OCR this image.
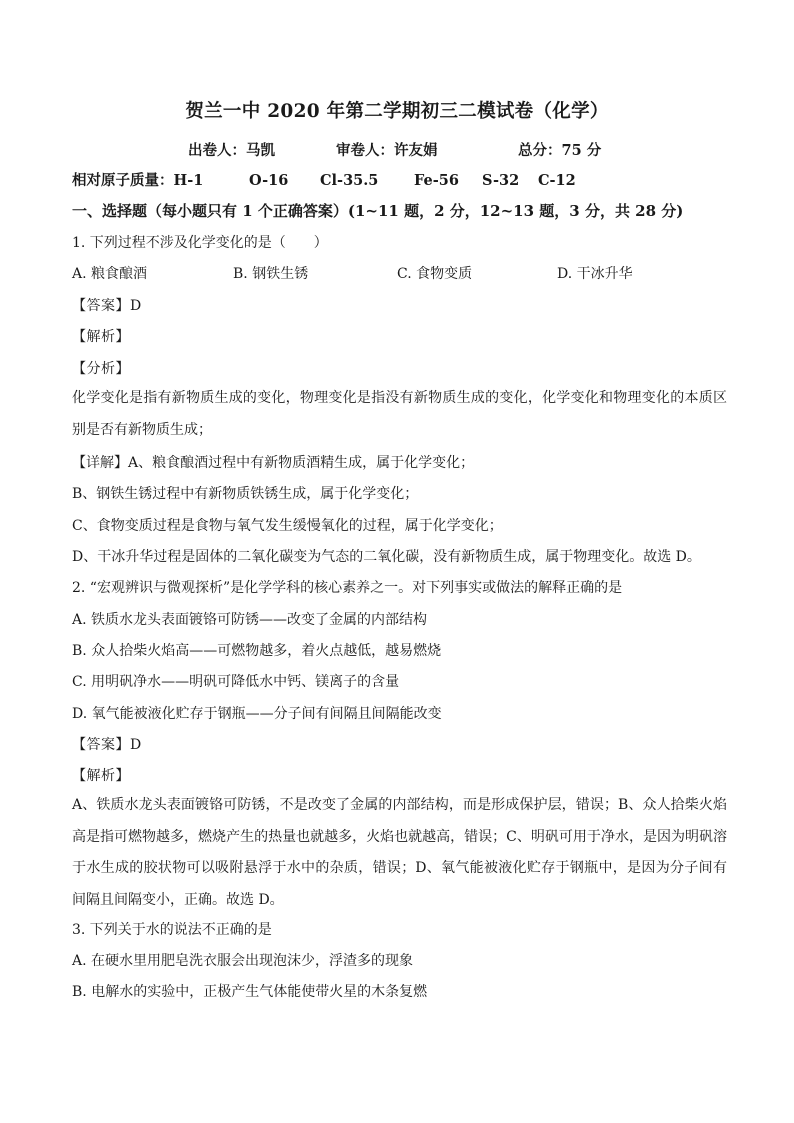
贺兰一中 2020 年第二学期初三二模试卷（化学）
出卷人：马凯	审卷人：许友娟	总分：75 分
相对原子质量：H-1	O-16 Cl-35.5 Fe-56 S-32 C-12
一、选择题（每小题只有 1 个正确答案）(1~11 题，2 分，12~13 题，3 分，共 28 分)
1. 下列过程不涉及化学变化的是（　　）
A. 粮食酿酒	B. 钢铁生锈	C. 食物变质	D. 干冰升华
【答案】D
【解析】
【分析】
化学变化是指有新物质生成的变化，物理变化是指没有新物质生成的变化，化学变化和物理变化的本质区别是否有新物质生成；
【详解】A、粮食酿酒过程中有新物质酒精生成，属于化学变化；
B、钢铁生锈过程中有新物质铁锈生成，属于化学变化；
C、食物变质过程是食物与氧气发生缓慢氧化的过程，属于化学变化；
D、干冰升华过程是固体的二氧化碳变为气态的二氧化碳，没有新物质生成，属于物理变化。故选 D。
2. “宏观辨识与微观探析”是化学学科的核心素养之一。对下列事实或做法的解释正确的是
A. 铁质水龙头表面镀铬可防锈——改变了金属的内部结构
B. 众人拾柴火焰高——可燃物越多，着火点越低，越易燃烧
C. 用明矾净水——明矾可降低水中钙、镁离子的含量
D. 氧气能被液化贮存于钢瓶——分子间有间隔且间隔能改变
【答案】D
【解析】
A、铁质水龙头表面镀铬可防锈，不是改变了金属的内部结构，而是形成保护层，错误；B、众人拾柴火焰高是指可燃物越多，燃烧产生的热量也就越多，火焰也就越高，错误；C、明矾可用于净水，是因为明矾溶于水生成的胶状物可以吸附悬浮于水中的杂质，错误；D、氧气能被液化贮存于钢瓶中，是因为分子间有间隔且间隔变小，正确。故选 D。
3. 下列关于水的说法不正确的是
A. 在硬水里用肥皂洗衣服会出现泡沫少，浮渣多的现象
B. 电解水的实验中，正极产生气体能使带火星的木条复燃
